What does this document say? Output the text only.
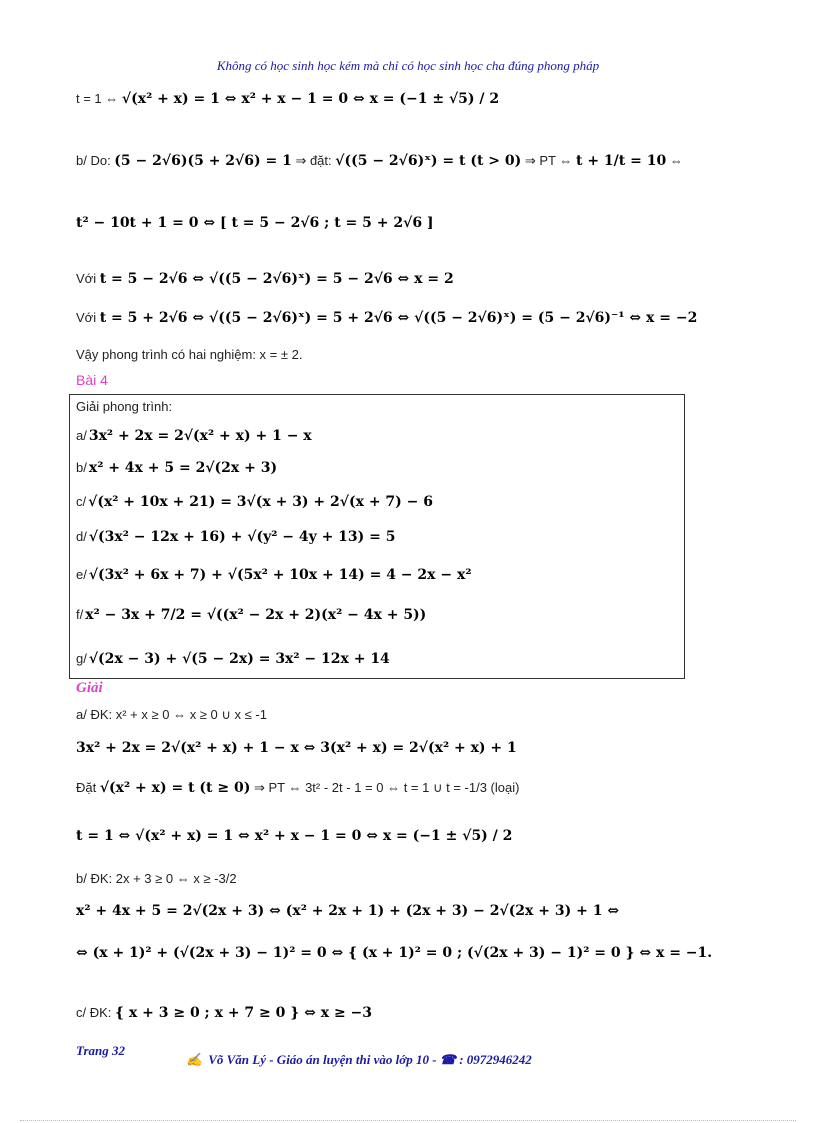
Không có học sinh học kém mà chỉ có học sinh học cha đúng phong pháp
t = 1 ⇔ √(x² + x) = 1 ⇔ x² + x − 1 = 0 ⇔ x = (−1 ± √5) / 2
b/ Do: (5 − 2√6)(5 + 2√6) = 1 ⇒ đặt: √((5 − 2√6)ˣ) = t (t > 0) ⇒ PT ⇔ t + 1/t = 10 ⇔
t² − 10t + 1 = 0 ⇔ [ t = 5 − 2√6 ; t = 5 + 2√6 ]
Với t = 5 − 2√6 ⇔ √((5 − 2√6)ˣ) = 5 − 2√6 ⇔ x = 2
Với t = 5 + 2√6 ⇔ √((5 − 2√6)ˣ) = 5 + 2√6 ⇔ √((5 − 2√6)ˣ) = (5 − 2√6)⁻¹ ⇔ x = −2
Vậy phong trình có hai nghiệm: x = ± 2.
Bài 4
Giải phong trình:
a/ 3x² + 2x = 2√(x² + x) + 1 − x
b/ x² + 4x + 5 = 2√(2x + 3)
c/ √(x² + 10x + 21) = 3√(x + 3) + 2√(x + 7) − 6
d/ √(3x² − 12x + 16) + √(y² − 4y + 13) = 5
e/ √(3x² + 6x + 7) + √(5x² + 10x + 14) = 4 − 2x − x²
f/ x² − 3x + 7/2 = √((x² − 2x + 2)(x² − 4x + 5))
g/ √(2x − 3) + √(5 − 2x) = 3x² − 12x + 14
Giải
a/ ĐK: x² + x ≥ 0 ⇔ x ≥ 0 ∪ x ≤ -1
3x² + 2x = 2√(x² + x) + 1 − x ⇔ 3(x² + x) = 2√(x² + x) + 1
Đặt √(x² + x) = t (t ≥ 0) ⇒ PT ⇔ 3t² - 2t - 1 = 0 ⇔ t = 1 ∪ t = -1/3 (loại)
t = 1 ⇔ √(x² + x) = 1 ⇔ x² + x − 1 = 0 ⇔ x = (−1 ± √5) / 2
b/ ĐK: 2x + 3 ≥ 0 ⇔ x ≥ -3/2
x² + 4x + 5 = 2√(2x + 3) ⇔ (x² + 2x + 1) + (2x + 3) − 2√(2x + 3) + 1 ⇔
⇔ (x + 1)² + (√(2x + 3) − 1)² = 0 ⇔ { (x + 1)² = 0 ; (√(2x + 3) − 1)² = 0 } ⇔ x = −1.
c/ ĐK: { x + 3 ≥ 0 ; x + 7 ≥ 0 } ⇔ x ≥ −3
Trang 32
✍ Võ Văn Lý - Giáo án luyện thi vào lớp 10 - ☎ : 0972946242
